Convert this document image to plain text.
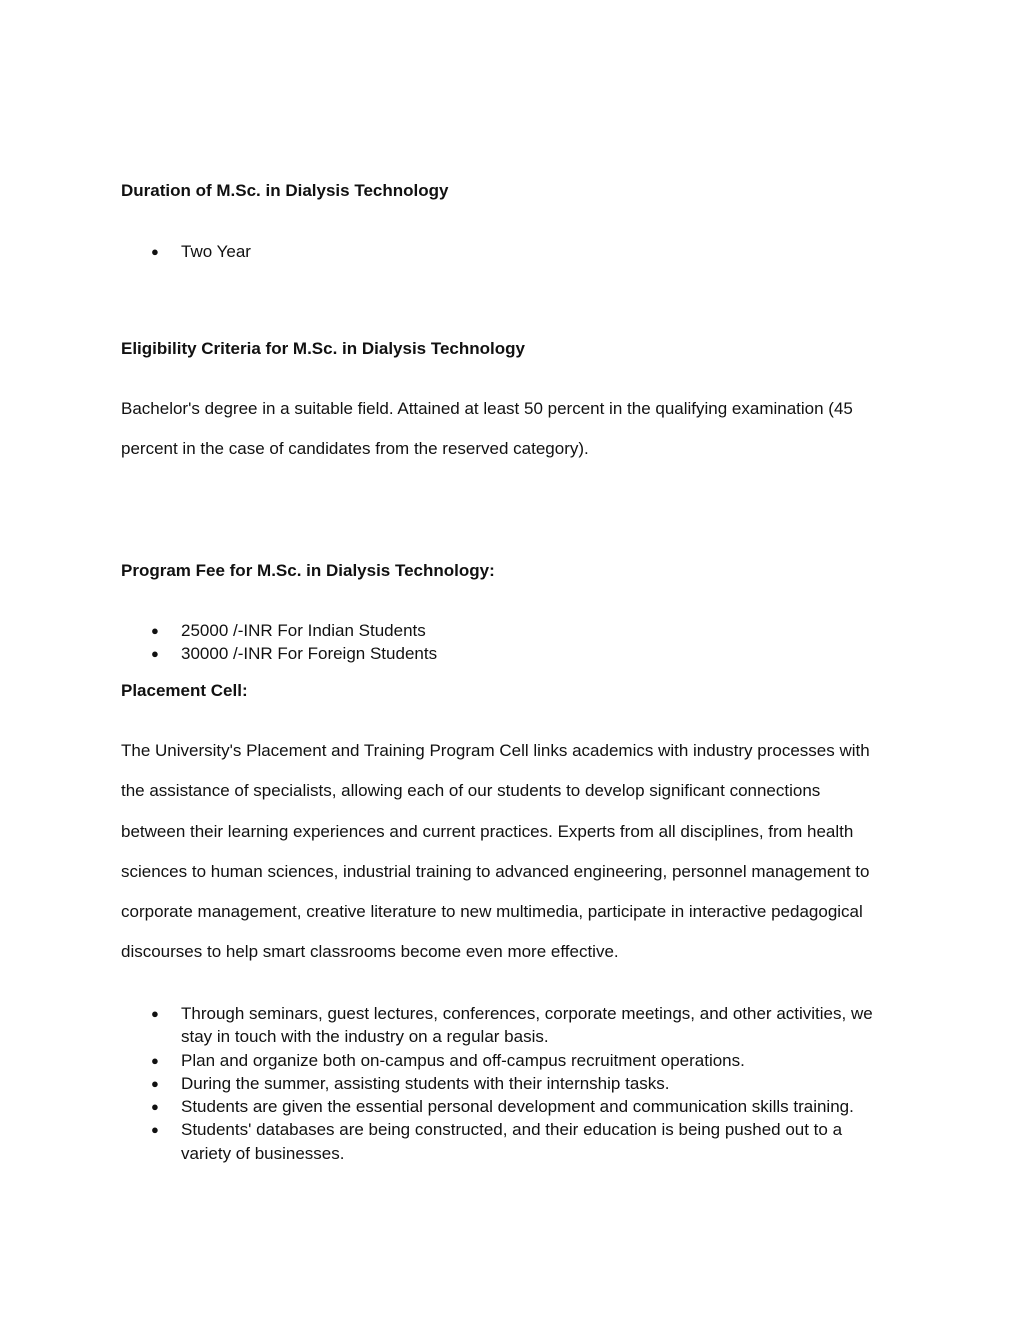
Duration of M.Sc. in Dialysis Technology
● Two Year
Eligibility Criteria for M.Sc. in Dialysis Technology

Bachelor's degree in a suitable field. Attained at least 50 percent in the qualifying examination (45
percent in the case of candidates from the reserved category).

Program Fee for M.Sc. in Dialysis Technology:
● 25000 /-INR For Indian Students
● 30000 /-INR For Foreign Students
Placement Cell:

The University's Placement and Training Program Cell links academics with industry processes with
the assistance of specialists, allowing each of our students to develop significant connections
between their learning experiences and current practices. Experts from all disciplines, from health
sciences to human sciences, industrial training to advanced engineering, personnel management to
corporate management, creative literature to new multimedia, participate in interactive pedagogical
discourses to help smart classrooms become even more effective.

● Through seminars, guest lectures, conferences, corporate meetings, and other activities, we
stay in touch with the industry on a regular basis.
● Plan and organize both on-campus and off-campus recruitment operations.
● During the summer, assisting students with their internship tasks.
● Students are given the essential personal development and communication skills training.
● Students' databases are being constructed, and their education is being pushed out to a
variety of businesses.
